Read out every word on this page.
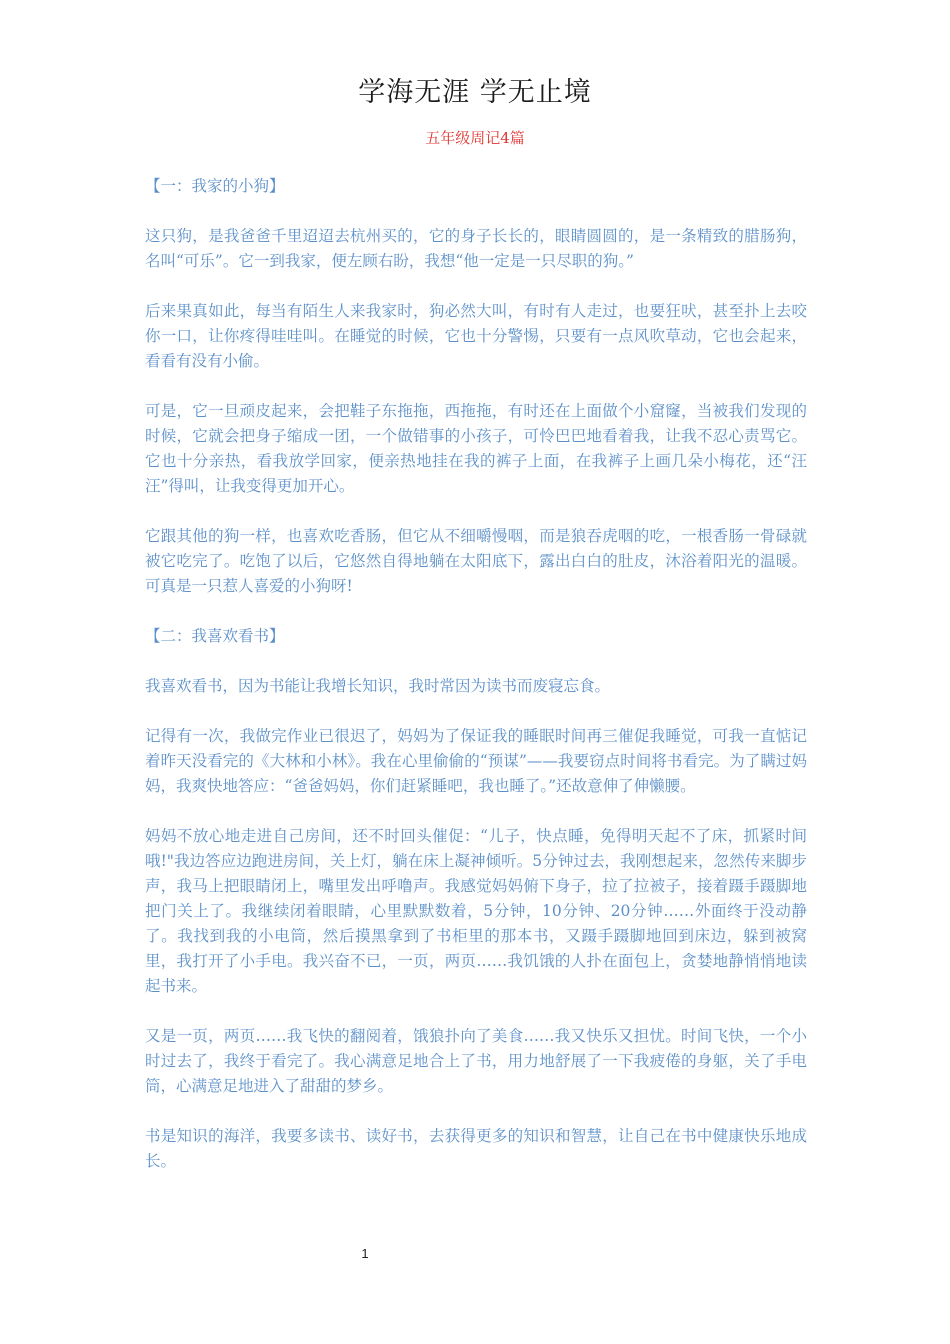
学海无涯 学无止境
五年级周记4篇

【一：我家的小狗】

这只狗，是我爸爸千里迢迢去杭州买的，它的身子长长的，眼睛圆圆的，是一条精致的腊肠狗，名叫“可乐”。它一到我家，便左顾右盼，我想“他一定是一只尽职的狗。”

后来果真如此，每当有陌生人来我家时，狗必然大叫，有时有人走过，也要狂吠，甚至扑上去咬你一口，让你疼得哇哇叫。在睡觉的时候，它也十分警惕，只要有一点风吹草动，它也会起来，看看有没有小偷。

可是，它一旦顽皮起来，会把鞋子东拖拖，西拖拖，有时还在上面做个小窟窿，当被我们发现的时候，它就会把身子缩成一团，一个做错事的小孩子，可怜巴巴地看着我，让我不忍心责骂它。它也十分亲热，看我放学回家，便亲热地挂在我的裤子上面，在我裤子上画几朵小梅花，还“汪汪”得叫，让我变得更加开心。

它跟其他的狗一样，也喜欢吃香肠，但它从不细嚼慢咽，而是狼吞虎咽的吃，一根香肠一骨碌就被它吃完了。吃饱了以后，它悠然自得地躺在太阳底下，露出白白的肚皮，沐浴着阳光的温暖。可真是一只惹人喜爱的小狗呀!

【二：我喜欢看书】

我喜欢看书，因为书能让我增长知识，我时常因为读书而废寝忘食。

记得有一次，我做完作业已很迟了，妈妈为了保证我的睡眠时间再三催促我睡觉，可我一直惦记着昨天没看完的《大林和小林》。我在心里偷偷的“预谋”——我要窃点时间将书看完。为了瞒过妈妈，我爽快地答应：“爸爸妈妈，你们赶紧睡吧，我也睡了。”还故意伸了伸懒腰。

妈妈不放心地走进自己房间，还不时回头催促：“儿子，快点睡，免得明天起不了床，抓紧时间哦!"我边答应边跑进房间，关上灯，躺在床上凝神倾听。5分钟过去，我刚想起来，忽然传来脚步声，我马上把眼睛闭上，嘴里发出呼噜声。我感觉妈妈俯下身子，拉了拉被子，接着蹑手蹑脚地把门关上了。我继续闭着眼睛，心里默默数着，5分钟，10分钟、20分钟……外面终于没动静了。我找到我的小电筒，然后摸黑拿到了书柜里的那本书，又蹑手蹑脚地回到床边，躲到被窝里，我打开了小手电。我兴奋不已，一页，两页……我饥饿的人扑在面包上，贪婪地静悄悄地读起书来。

又是一页，两页……我飞快的翻阅着，饿狼扑向了美食……我又快乐又担忧。时间飞快，一个小时过去了，我终于看完了。我心满意足地合上了书，用力地舒展了一下我疲倦的身躯，关了手电筒，心满意足地进入了甜甜的梦乡。

书是知识的海洋，我要多读书、读好书，去获得更多的知识和智慧，让自己在书中健康快乐地成长。

1
